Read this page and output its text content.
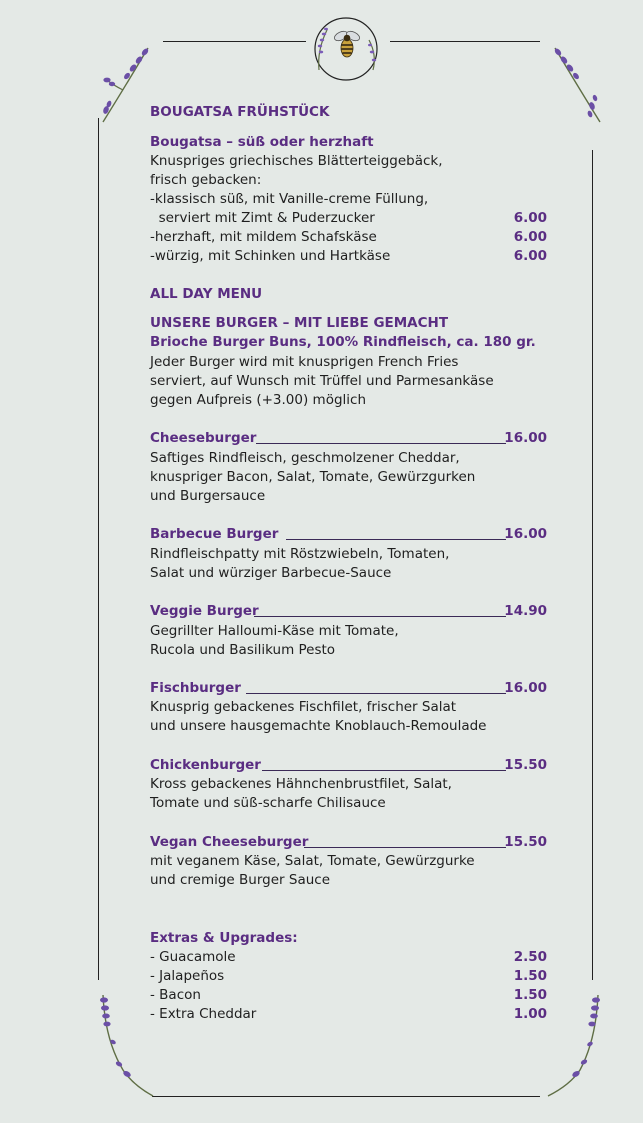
BOUGATSA FRÜHSTÜCK
Bougatsa – süß oder herzhaft
Knuspriges griechisches Blätterteiggebäck,
frisch gebacken:
-klassisch süß, mit Vanille-creme Füllung,
serviert mit Zimt & Puderzucker	6.00
-herzhaft, mit mildem Schafskäse	6.00
-würzig, mit Schinken und Hartkäse	6.00
ALL DAY MENU
UNSERE BURGER – MIT LIEBE GEMACHT
Brioche Burger Buns, 100% Rindfleisch, ca. 180 gr.
Jeder Burger wird mit knusprigen French Fries
serviert, auf Wunsch mit Trüffel und Parmesankäse
gegen Aufpreis (+3.00) möglich
Cheeseburger	16.00
Saftiges Rindfleisch, geschmolzener Cheddar,
knuspriger Bacon, Salat, Tomate, Gewürzgurken
und Burgersauce
Barbecue Burger	16.00
Rindfleischpatty mit Röstzwiebeln, Tomaten,
Salat und würziger Barbecue-Sauce
Veggie Burger	14.90
Gegrillter Halloumi-Käse mit Tomate,
Rucola und Basilikum Pesto
Fischburger	16.00
Knusprig gebackenes Fischfilet, frischer Salat
und unsere hausgemachte Knoblauch-Remoulade
Chickenburger	15.50
Kross gebackenes Hähnchenbrustfilet, Salat,
Tomate und süß-scharfe Chilisauce
Vegan Cheeseburger	15.50
mit veganem Käse, Salat, Tomate, Gewürzgurke
und cremige Burger Sauce
Extras & Upgrades:
- Guacamole	2.50
- Jalapeños	1.50
- Bacon	1.50
- Extra Cheddar	1.00
